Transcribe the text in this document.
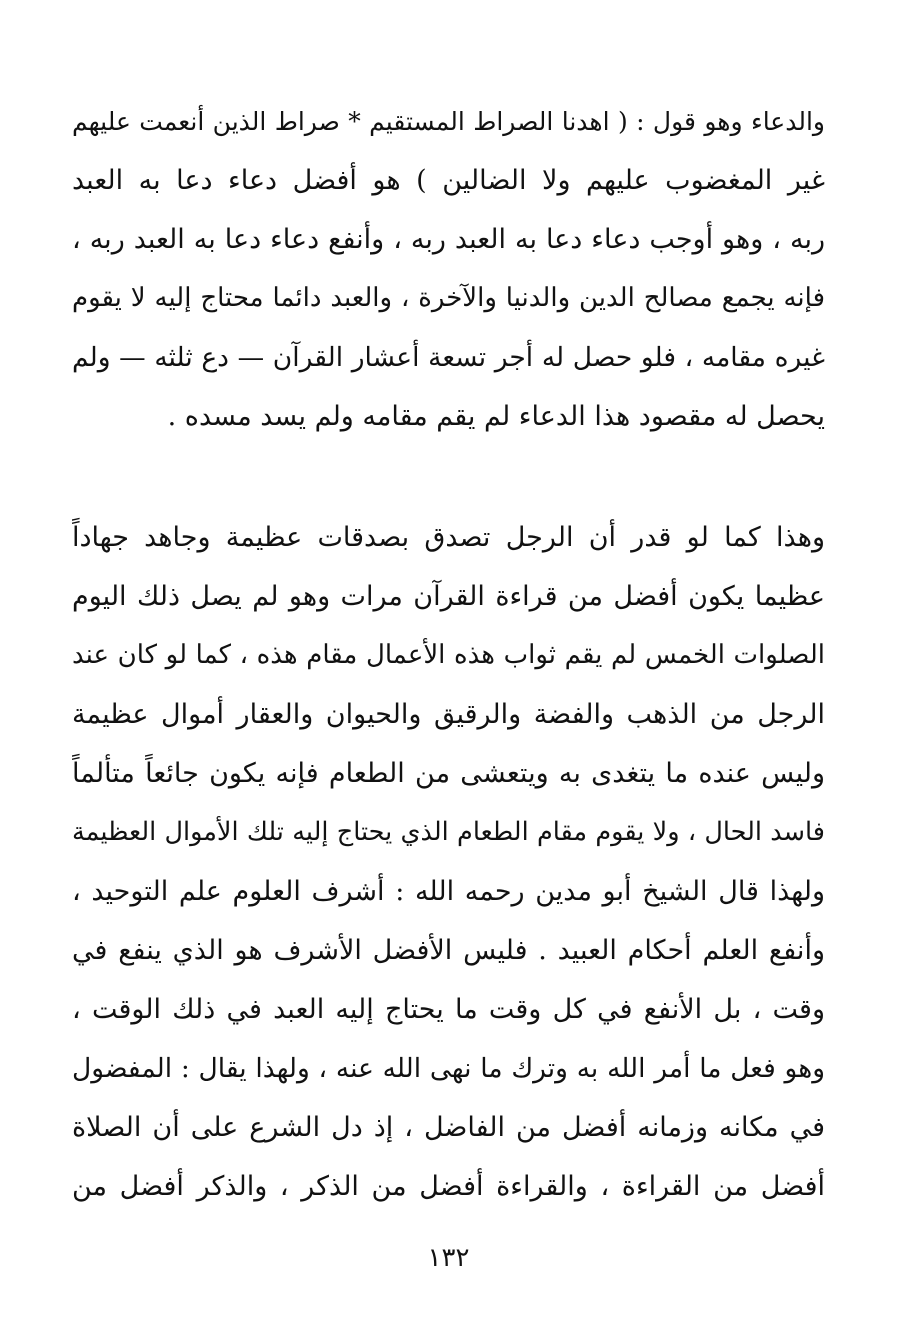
والدعاء وهو قول : ( اهدنا الصراط المستقيم * صراط الذين أنعمت عليهم
غير المغضوب عليهم ولا الضالين ) هو أفضل دعاء دعا به العبد
ربه ، وهو أوجب دعاء دعا به العبد ربه ، وأنفع دعاء دعا به العبد ربه ،
فإنه يجمع مصالح الدين والدنيا والآخرة ، والعبد دائما محتاج إليه لا يقوم
غيره مقامه ، فلو حصل له أجر تسعة أعشار القرآن — دع ثلثه — ولم
يحصل له مقصود هذا الدعاء لم يقم مقامه ولم يسد مسده .
وهذا كما لو قدر أن الرجل تصدق بصدقات عظيمة وجاهد جهاداً
عظيما يكون أفضل من قراءة القرآن مرات وهو لم يصل ذلك اليوم
الصلوات الخمس لم يقم ثواب هذه الأعمال مقام هذه ، كما لو كان عند
الرجل من الذهب والفضة والرقيق والحيوان والعقار أموال عظيمة
وليس عنده ما يتغدى به ويتعشى من الطعام فإنه يكون جائعاً متألماً
فاسد الحال ، ولا يقوم مقام الطعام الذي يحتاج إليه تلك الأموال العظيمة
ولهذا قال الشيخ أبو مدين رحمه الله : أشرف العلوم علم التوحيد ،
وأنفع العلم أحكام العبيد . فليس الأفضل الأشرف هو الذي ينفع في
وقت ، بل الأنفع في كل وقت ما يحتاج إليه العبد في ذلك الوقت ،
وهو فعل ما أمر الله به وترك ما نهى الله عنه ، ولهذا يقال : المفضول
في مكانه وزمانه أفضل من الفاضل ، إذ دل الشرع على أن الصلاة
أفضل من القراءة ، والقراءة أفضل من الذكر ، والذكر أفضل من
١٣٢
